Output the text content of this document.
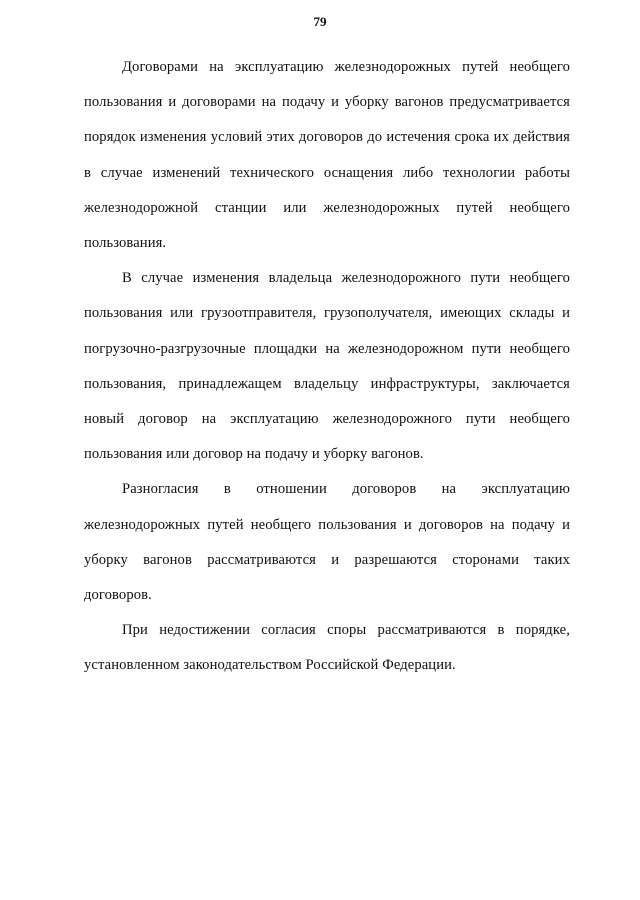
79

Договорами на эксплуатацию железнодорожных путей необщего пользования и договорами на подачу и уборку вагонов предусматривается порядок изменения условий этих договоров до истечения срока их действия в случае изменений технического оснащения либо технологии работы железнодорожной станции или железнодорожных путей необщего пользования.

В случае изменения владельца железнодорожного пути необщего пользования или грузоотправителя, грузополучателя, имеющих склады и погрузочно-разгрузочные площадки на железнодорожном пути необщего пользования, принадлежащем владельцу инфраструктуры, заключается новый договор на эксплуатацию железнодорожного пути необщего пользования или договор на подачу и уборку вагонов.

Разногласия в отношении договоров на эксплуатацию железнодорожных путей необщего пользования и договоров на подачу и уборку вагонов рассматриваются и разрешаются сторонами таких договоров.

При недостижении согласия споры рассматриваются в порядке, установленном законодательством Российской Федерации.
